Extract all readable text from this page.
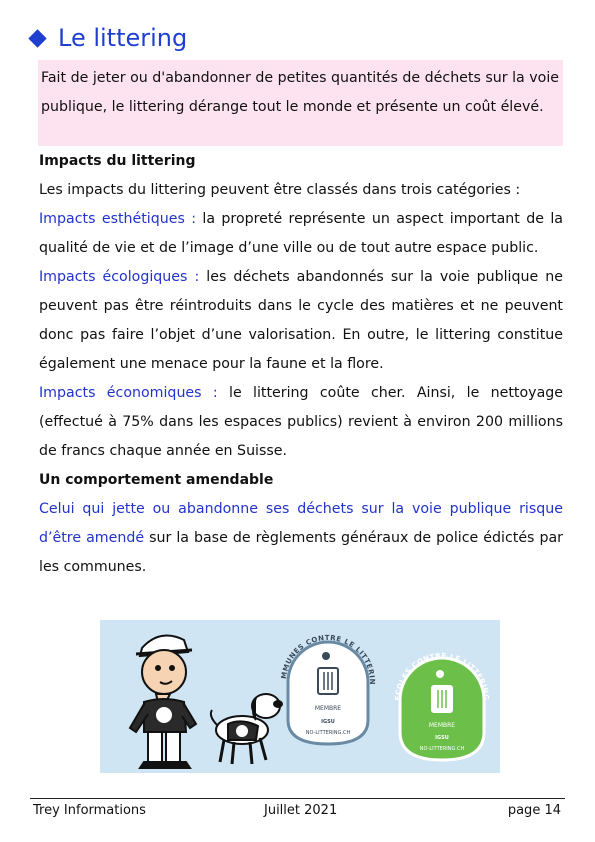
Le littering
Fait de jeter ou d'abandonner de petites quantités de déchets sur la voie publique, le littering dérange tout le monde et présente un coût élevé.

Impacts du littering

Les impacts du littering peuvent être classés dans trois catégories :

Impacts esthétiques : la propreté représente un aspect important de la qualité de vie et de l’image d’une ville ou de tout autre espace public.

Impacts écologiques : les déchets abandonnés sur la voie publique ne peuvent pas être réintroduits dans le cycle des matières et ne peuvent donc pas faire l’objet d’une valorisation. En outre, le littering constitue également une menace pour la faune et la flore.

Impacts économiques : le littering coûte cher. Ainsi, le nettoyage (effectué à 75% dans les espaces publics) revient à environ 200 millions de francs chaque année en Suisse.

Un comportement amendable

Celui qui jette ou abandonne ses déchets sur la voie publique risque d’être amendé sur la base de règlements généraux de police édictés par les communes.

MMUNES CONTRE LE LITTERIN
MEMBRE
IGSU
NO-LITTERING.CH
ECOLES CONTRE LE LITTERING
MEMBRE
IGSU
NO-LITTERING.CH
Trey Informations	Juillet 2021	page 14
